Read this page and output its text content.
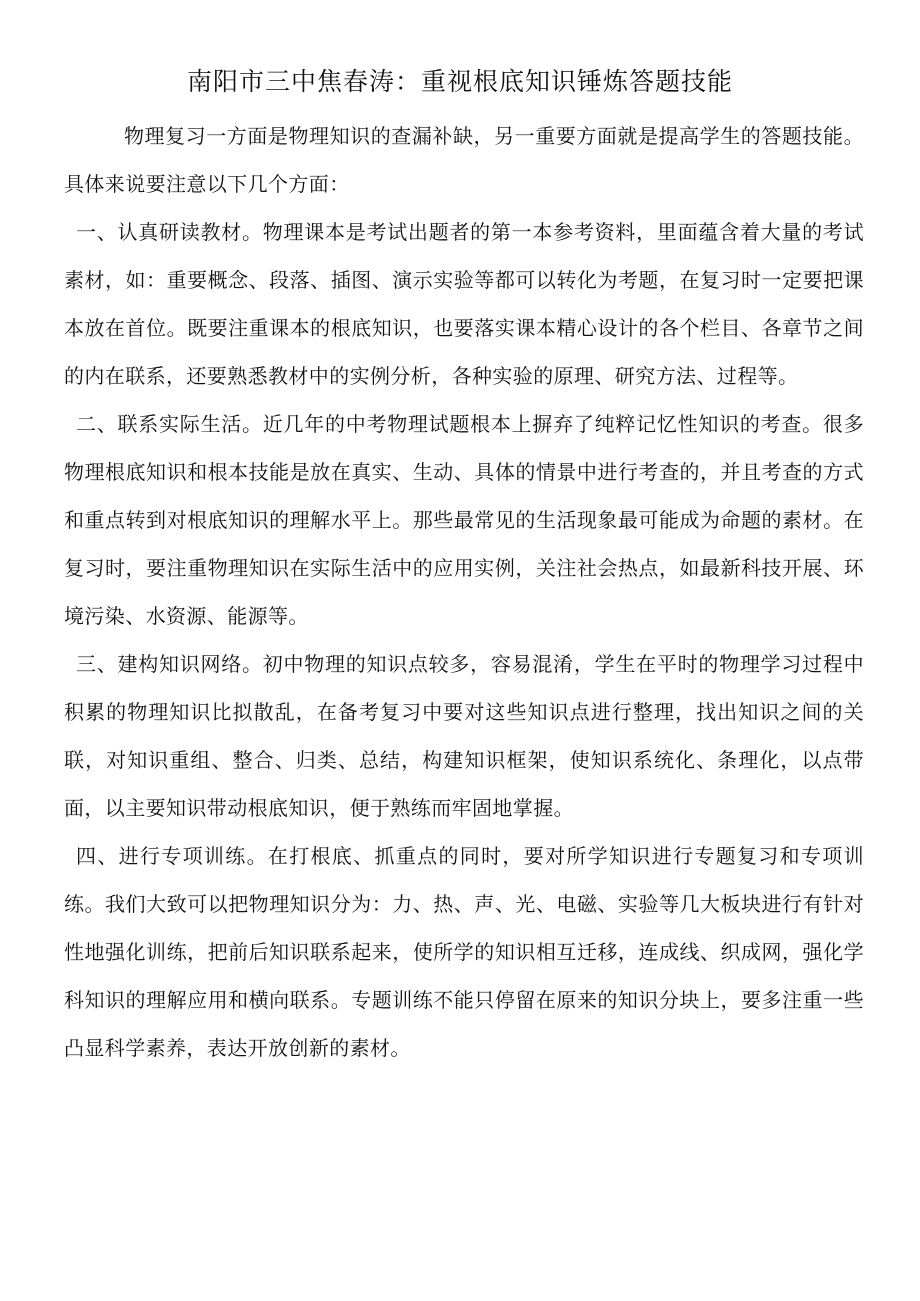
南阳市三中焦春涛：重视根底知识锤炼答题技能

物理复习一方面是物理知识的查漏补缺，另一重要方面就是提高学生的答题技能。具体来说要注意以下几个方面：

一、认真研读教材。物理课本是考试出题者的第一本参考资料，里面蕴含着大量的考试素材，如：重要概念、段落、插图、演示实验等都可以转化为考题，在复习时一定要把课本放在首位。既要注重课本的根底知识，也要落实课本精心设计的各个栏目、各章节之间的内在联系，还要熟悉教材中的实例分析，各种实验的原理、研究方法、过程等。

二、联系实际生活。近几年的中考物理试题根本上摒弃了纯粹记忆性知识的考查。很多物理根底知识和根本技能是放在真实、生动、具体的情景中进行考查的，并且考查的方式和重点转到对根底知识的理解水平上。那些最常见的生活现象最可能成为命题的素材。在复习时，要注重物理知识在实际生活中的应用实例，关注社会热点，如最新科技开展、环境污染、水资源、能源等。

三、建构知识网络。初中物理的知识点较多，容易混淆，学生在平时的物理学习过程中积累的物理知识比拟散乱，在备考复习中要对这些知识点进行整理，找出知识之间的关联，对知识重组、整合、归类、总结，构建知识框架，使知识系统化、条理化，以点带面，以主要知识带动根底知识，便于熟练而牢固地掌握。

四、进行专项训练。在打根底、抓重点的同时，要对所学知识进行专题复习和专项训练。我们大致可以把物理知识分为：力、热、声、光、电磁、实验等几大板块进行有针对性地强化训练，把前后知识联系起来，使所学的知识相互迁移，连成线、织成网，强化学科知识的理解应用和横向联系。专题训练不能只停留在原来的知识分块上，要多注重一些凸显科学素养，表达开放创新的素材。
